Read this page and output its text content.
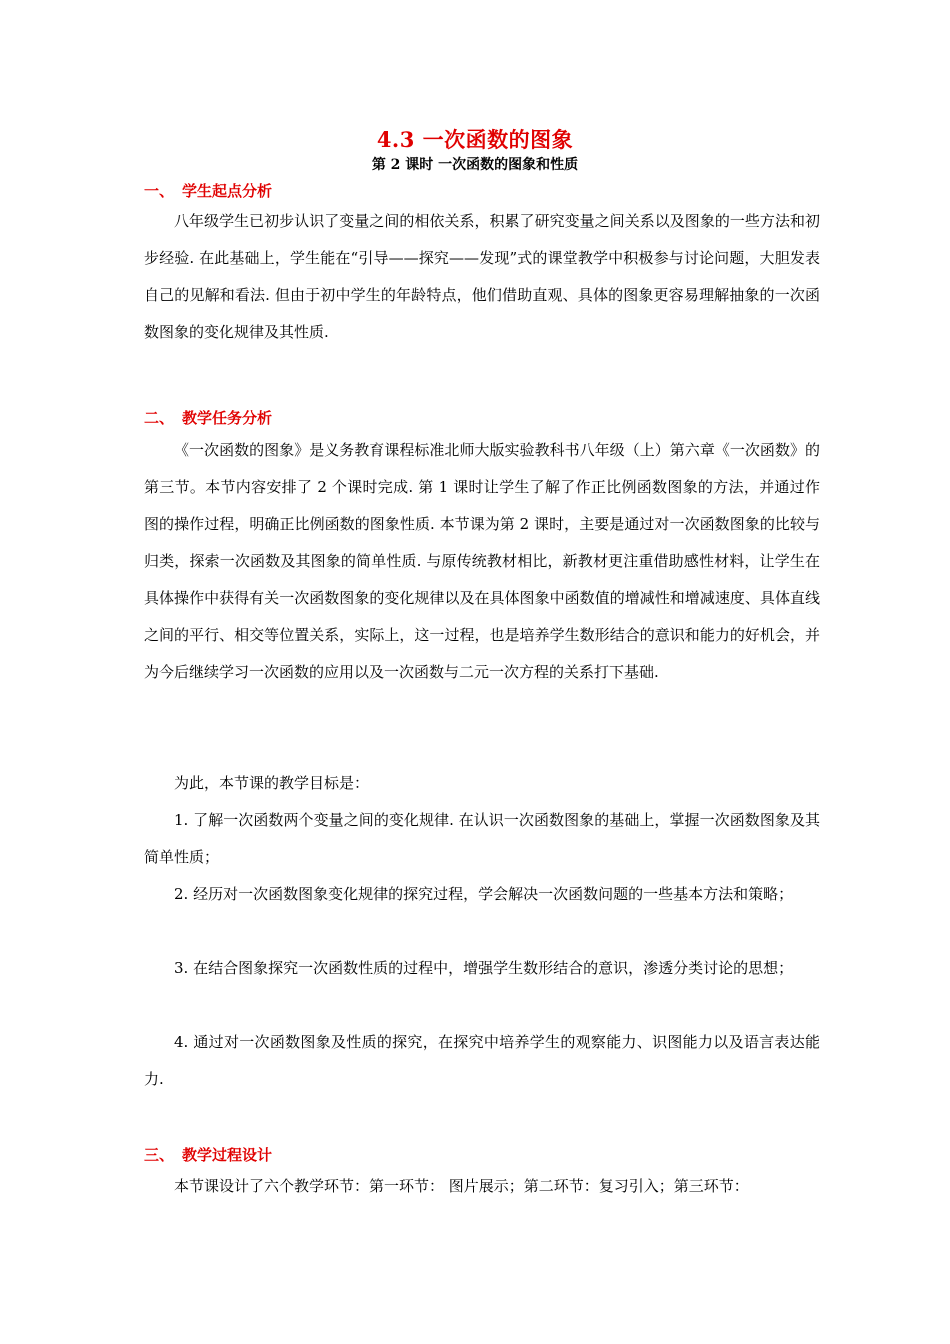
4.3 一次函数的图象
第 2 课时 一次函数的图象和性质
一、 学生起点分析
八年级学生已初步认识了变量之间的相依关系，积累了研究变量之间关系以及图象的一些方法和初步经验. 在此基础上，学生能在“引导——探究——发现”式的课堂教学中积极参与讨论问题，大胆发表自己的见解和看法. 但由于初中学生的年龄特点，他们借助直观、具体的图象更容易理解抽象的一次函数图象的变化规律及其性质.
二、 教学任务分析
《一次函数的图象》是义务教育课程标准北师大版实验教科书八年级（上）第六章《一次函数》的第三节。本节内容安排了 2 个课时完成. 第 1 课时让学生了解了作正比例函数图象的方法，并通过作图的操作过程，明确正比例函数的图象性质. 本节课为第 2 课时，主要是通过对一次函数图象的比较与归类，探索一次函数及其图象的简单性质. 与原传统教材相比，新教材更注重借助感性材料，让学生在具体操作中获得有关一次函数图象的变化规律以及在具体图象中函数值的增减性和增减速度、具体直线之间的平行、相交等位置关系，实际上，这一过程，也是培养学生数形结合的意识和能力的好机会，并为今后继续学习一次函数的应用以及一次函数与二元一次方程的关系打下基础.
为此，本节课的教学目标是：
1. 了解一次函数两个变量之间的变化规律. 在认识一次函数图象的基础上，掌握一次函数图象及其简单性质；
2. 经历对一次函数图象变化规律的探究过程，学会解决一次函数问题的一些基本方法和策略；
3. 在结合图象探究一次函数性质的过程中，增强学生数形结合的意识，渗透分类讨论的思想；
4. 通过对一次函数图象及性质的探究，在探究中培养学生的观察能力、识图能力以及语言表达能力.
三、 教学过程设计
本节课设计了六个教学环节：第一环节： 图片展示；第二环节：复习引入；第三环节：
